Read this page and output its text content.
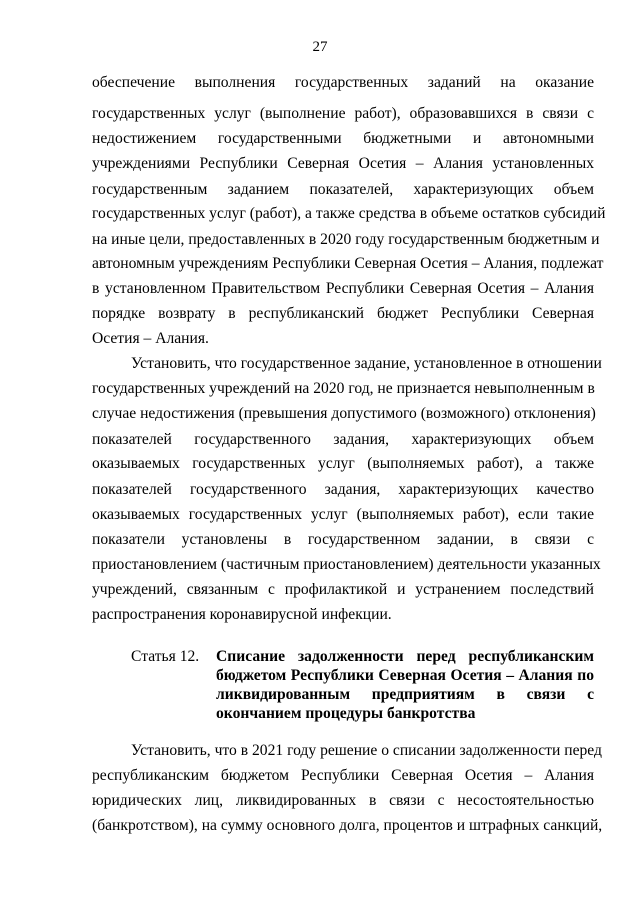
27
обеспечение выполнения государственных заданий на оказание
государственных услуг (выполнение работ), образовавшихся в связи с
недостижением государственными бюджетными и автономными
учреждениями Республики Северная Осетия – Алания установленных
государственным заданием показателей, характеризующих объем
государственных услуг (работ), а также средства в объеме остатков субсидий
на иные цели, предоставленных в 2020 году государственным бюджетным и
автономным учреждениям Республики Северная Осетия – Алания, подлежат
в установленном Правительством Республики Северная Осетия – Алания
порядке возврату в республиканский бюджет Республики Северная
Осетия – Алания.
Установить, что государственное задание, установленное в отношении
государственных учреждений на 2020 год, не признается невыполненным в
случае недостижения (превышения допустимого (возможного) отклонения)
показателей государственного задания, характеризующих объем
оказываемых государственных услуг (выполняемых работ), а также
показателей государственного задания, характеризующих качество
оказываемых государственных услуг (выполняемых работ), если такие
показатели установлены в государственном задании, в связи с
приостановлением (частичным приостановлением) деятельности указанных
учреждений, связанным с профилактикой и устранением последствий
распространения коронавирусной инфекции.
Статья 12. Списание задолженности перед республиканским
бюджетом Республики Северная Осетия – Алания по
ликвидированным предприятиям в связи с
окончанием процедуры банкротства
Установить, что в 2021 году решение о списании задолженности перед
республиканским бюджетом Республики Северная Осетия – Алания
юридических лиц, ликвидированных в связи с несостоятельностью
(банкротством), на сумму основного долга, процентов и штрафных санкций,
